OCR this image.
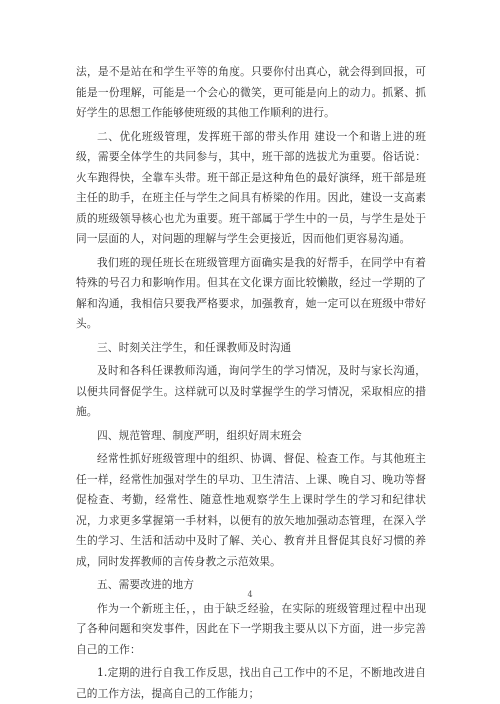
法，是不是站在和学生平等的角度。只要你付出真心，就会得到回报，可能是一份理解，可能是一个会心的微笑，更可能是向上的动力。抓紧、抓好学生的思想工作能够使班级的其他工作顺利的进行。

二、优化班级管理，发挥班干部的带头作用 建设一个和谐上进的班级，需要全体学生的共同参与，其中，班干部的选拔尤为重要。俗话说：火车跑得快，全靠车头带。班干部正是这种角色的最好演绎，班干部是班主任的助手，在班主任与学生之间具有桥梁的作用。因此，建设一支高素质的班级领导核心也尤为重要。班干部属于学生中的一员，与学生是处于同一层面的人，对问题的理解与学生会更接近，因而他们更容易沟通。

我们班的现任班长在班级管理方面确实是我的好帮手，在同学中有着特殊的号召力和影响作用。但其在文化课方面比较懒散，经过一学期的了解和沟通，我相信只要我严格要求，加强教育，她一定可以在班级中带好头。

三、时刻关注学生，和任课教师及时沟通

及时和各科任课教师沟通，询问学生的学习情况，及时与家长沟通，以便共同督促学生。这样就可以及时掌握学生的学习情况，采取相应的措施。

四、规范管理、制度严明，组织好周末班会

经常性抓好班级管理中的组织、协调、督促、检查工作。与其他班主任一样，经常性加强对学生的早功、卫生清洁、上课、晚自习、晚功等督促检查、考勤，经常性、随意性地观察学生上课时学生的学习和纪律状况，力求更多掌握第一手材料，以便有的放矢地加强动态管理，在深入学生的学习、生活和活动中及时了解、关心、教育并且督促其良好习惯的养成，同时发挥教师的言传身教之示范效果。

五、需要改进的地方

作为一个新班主任，，由于缺乏经验，在实际的班级管理过程中出现了各种问题和突发事件，因此在下一学期我主要从以下方面，进一步完善自己的工作：

1.定期的进行自我工作反思，找出自己工作中的不足，不断地改进自己的工作方法，提高自己的工作能力；

4
